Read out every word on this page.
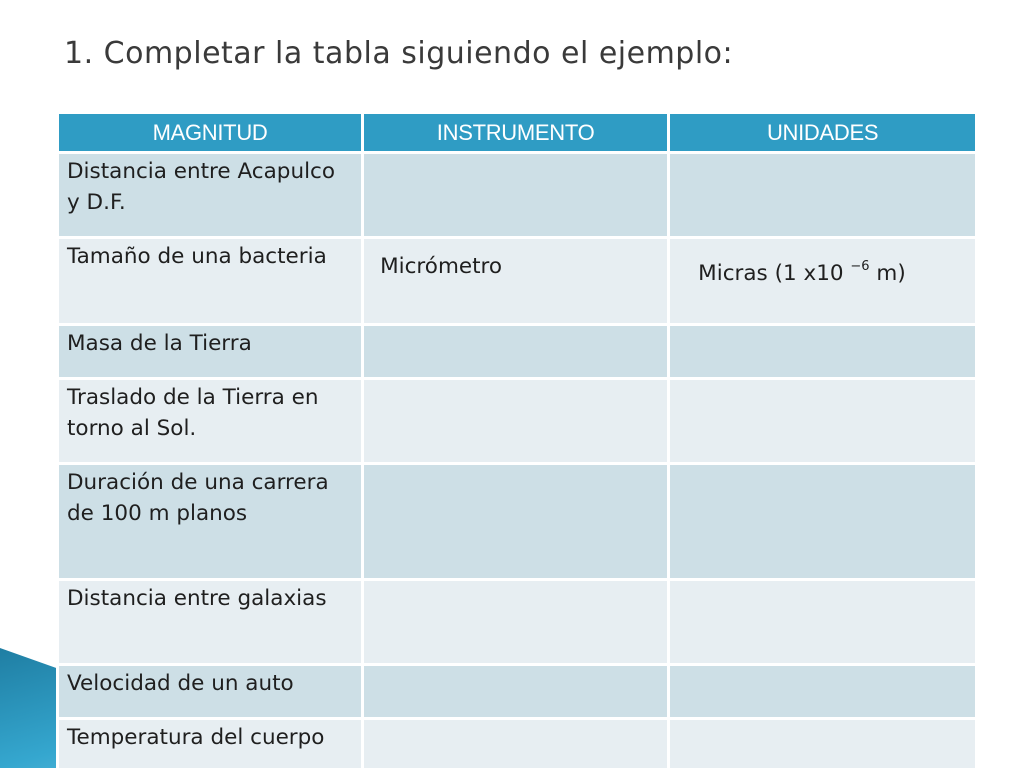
1. Completar la tabla siguiendo el ejemplo:
MAGNITUD	INSTRUMENTO	UNIDADES
Distancia entre Acapulco y D.F.		
Tamaño de una bacteria	Micrómetro	Micras (1 x10 $^{-6}$ m)
Masa de la Tierra		
Traslado de la Tierra en torno al Sol.		
Duración de una carrera de 100 m planos		
Distancia entre galaxias		
Velocidad de un auto		
Temperatura del cuerpo		
